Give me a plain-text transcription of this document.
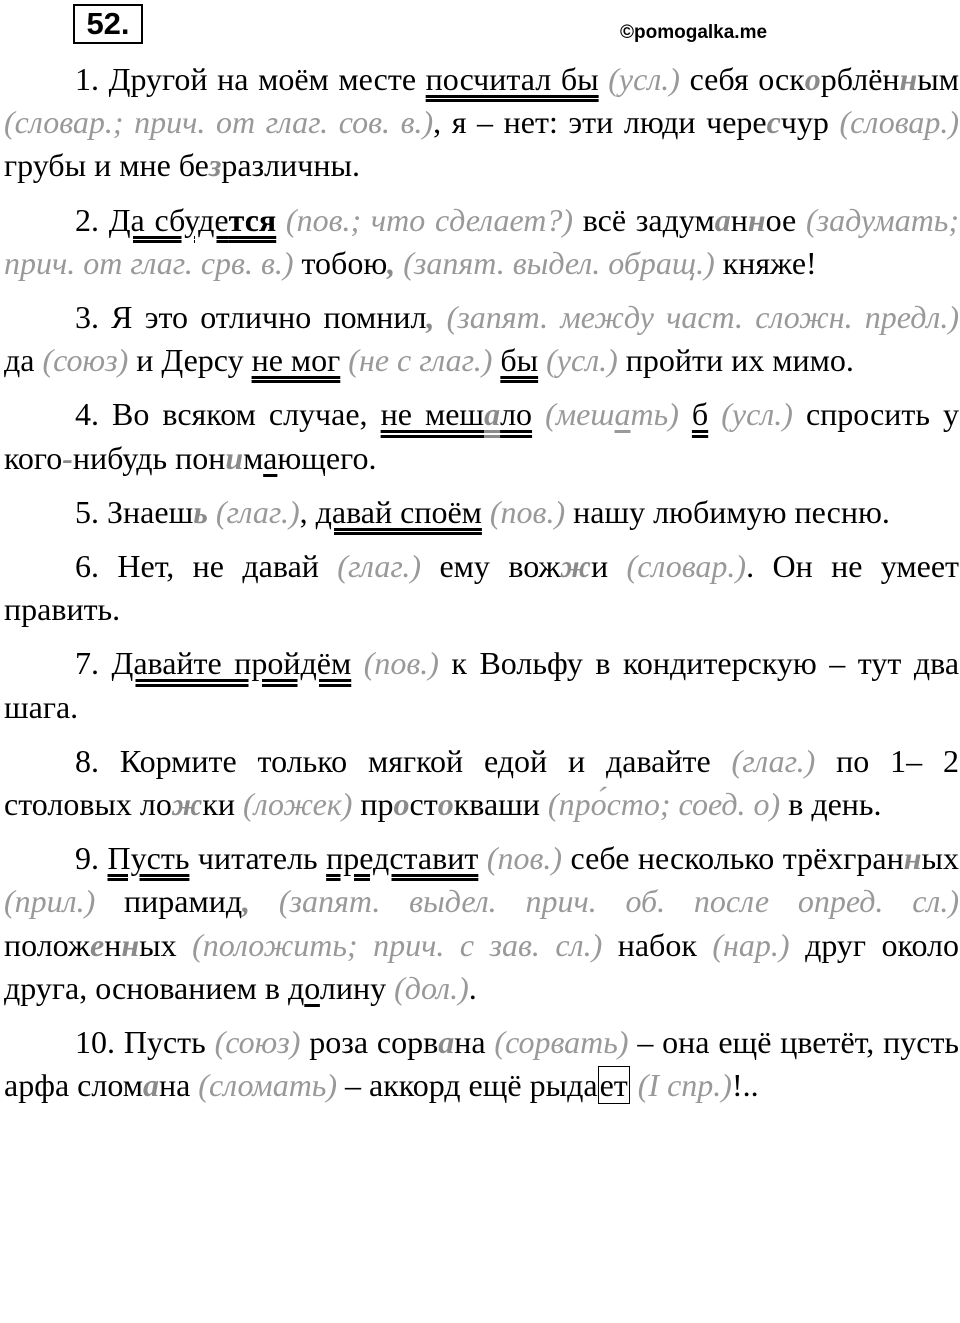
52.	©pomogalka.me

1. Другой на моём месте посчитал бы (усл.) себя оскорблённым (словар.; прич. от глаг. сов. в.), я – нет: эти люди чересчур (словар.) грубы и мне безразличны.

2. Да сбудется (пов.; что сделает?) всё задуманное (задумать; прич. от глаг. срв. в.) тобою, (запят. выдел. обращ.) княже!

3. Я это отлично помнил, (запят. между част. сложн. предл.) да (союз) и Дерсу не мог (не с глаг.) бы (усл.) пройти их мимо.

4. Во всяком случае, не мешало (мешать) б (усл.) спросить у кого-нибудь понимающего.

5. Знаешь (глаг.), давай споём (пов.) нашу любимую песню.

6. Нет, не давай (глаг.) ему вожжи (словар.). Он не умеет править.

7. Давайте пройдём (пов.) к Вольфу в кондитерскую – тут два шага.

8. Кормите только мягкой едой и давайте (глаг.) по 1– 2 столовых ложки (ложек) простокваши (про́сто; соед. о) в день.

9. Пусть читатель представит (пов.) себе несколько трёхгранных (прил.) пирамид, (запят. выдел. прич. об. после опред. сл.) положенных (положить; прич. с зав. сл.) набок (нар.) друг около друга, основанием в долину (дол.).

10. Пусть (союз) роза сорвана (сорвать) – она ещё цветёт, пусть арфа сломана (сломать) – аккорд ещё рыдает (I спр.)!..
